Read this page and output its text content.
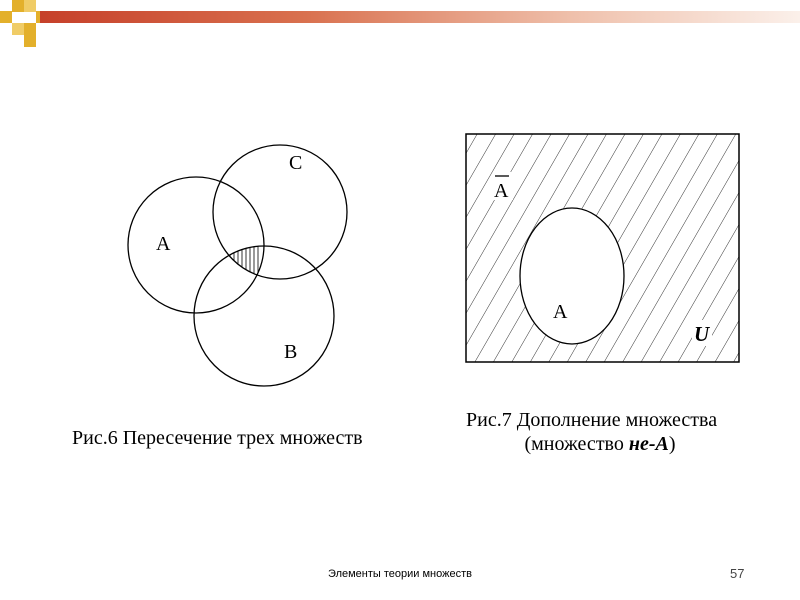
A
C
B
A
A
U
Рис.6 Пересечение трех множеств
Рис.7 Дополнение множества
(множество не-А)
Элементы теории множеств	57
